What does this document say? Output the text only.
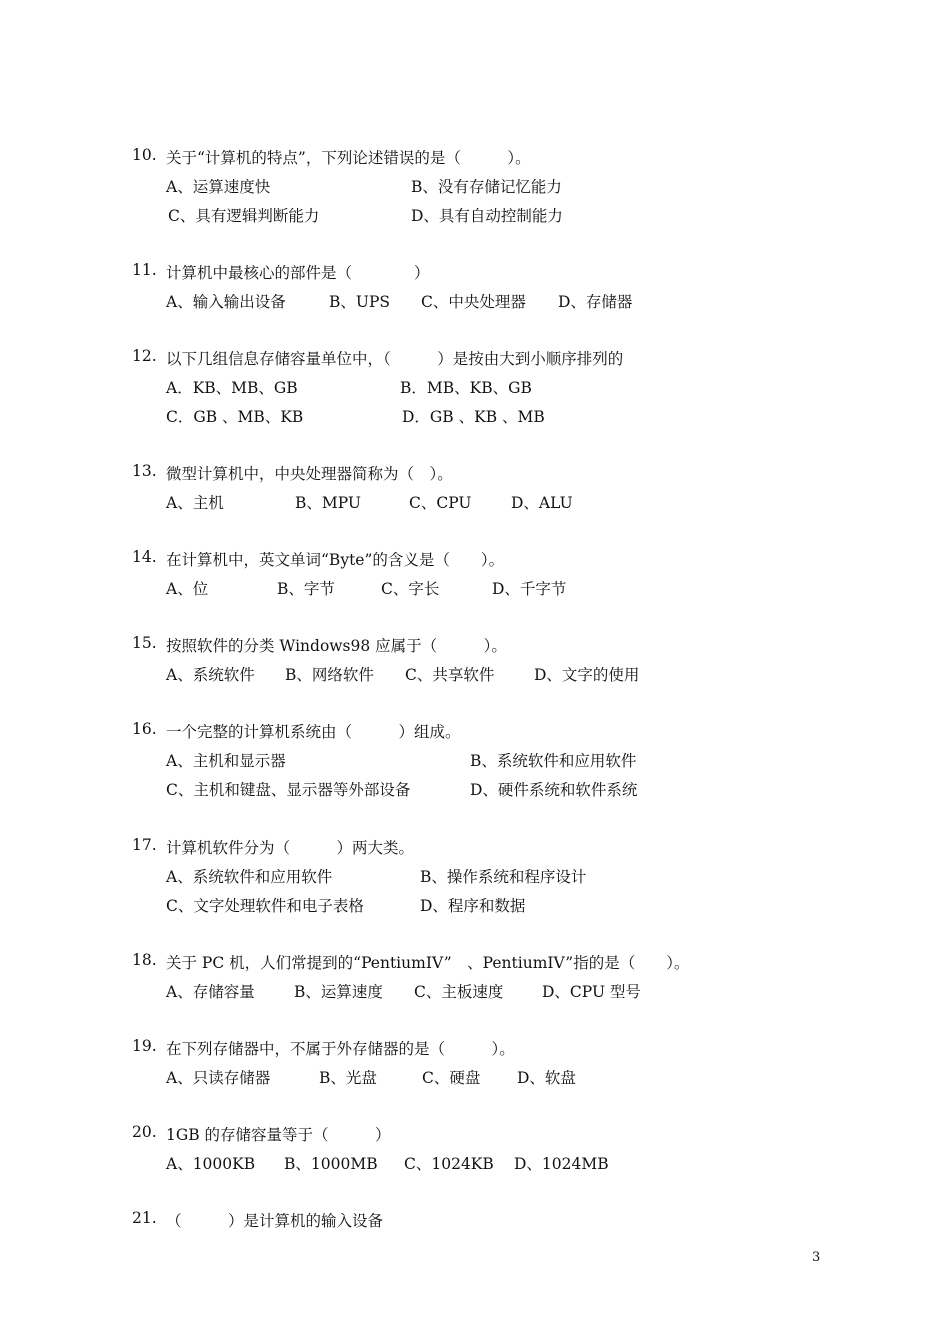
10. 关于“计算机的特点”，下列论述错误的是（　　　）。
A、运算速度快	B、没有存储记忆能力
C、具有逻辑判断能力	D、具有自动控制能力
11. 计算机中最核心的部件是（　　　　）
A、输入输出设备	B、UPS C、中央处理器 D、存储器
12. 以下几组信息存储容量单位中，（　　　）是按由大到小顺序排列的
A．KB、MB、GB	B．MB、KB、GB
C．GB 、MB、KB	D．GB 、KB 、MB
13. 微型计算机中，中央处理器简称为（　）。
A、主机	B、MPU	C、CPU	D、ALU
14. 在计算机中，英文单词“Byte”的含义是（　　）。
A、位	B、字节	C、字长	D、千字节
15. 按照软件的分类 Windows98 应属于（　　　）。
A、系统软件 B、网络软件 C、共享软件	D、文字的使用
16. 一个完整的计算机系统由（　　　）组成。
A、主机和显示器	B、系统软件和应用软件
C、主机和键盘、显示器等外部设备	D、硬件系统和软件系统
17. 计算机软件分为（　　　）两大类。
A、系统软件和应用软件	B、操作系统和程序设计
C、文字处理软件和电子表格	D、程序和数据
18. 关于 PC 机，人们常提到的“PentiumIV”　、PentiumIV”指的是（　　）。
A、存储容量	B、运算速度 C、主板速度 D、CPU 型号
19. 在下列存储器中，不属于外存储器的是（　　　）。
A、只读存储器	B、光盘	C、硬盘 D、软盘
20. 1GB 的存储容量等于（　　　）
A、1000KB B、1000MB C、1024KB D、1024MB
21. （　　　）是计算机的输入设备
3
